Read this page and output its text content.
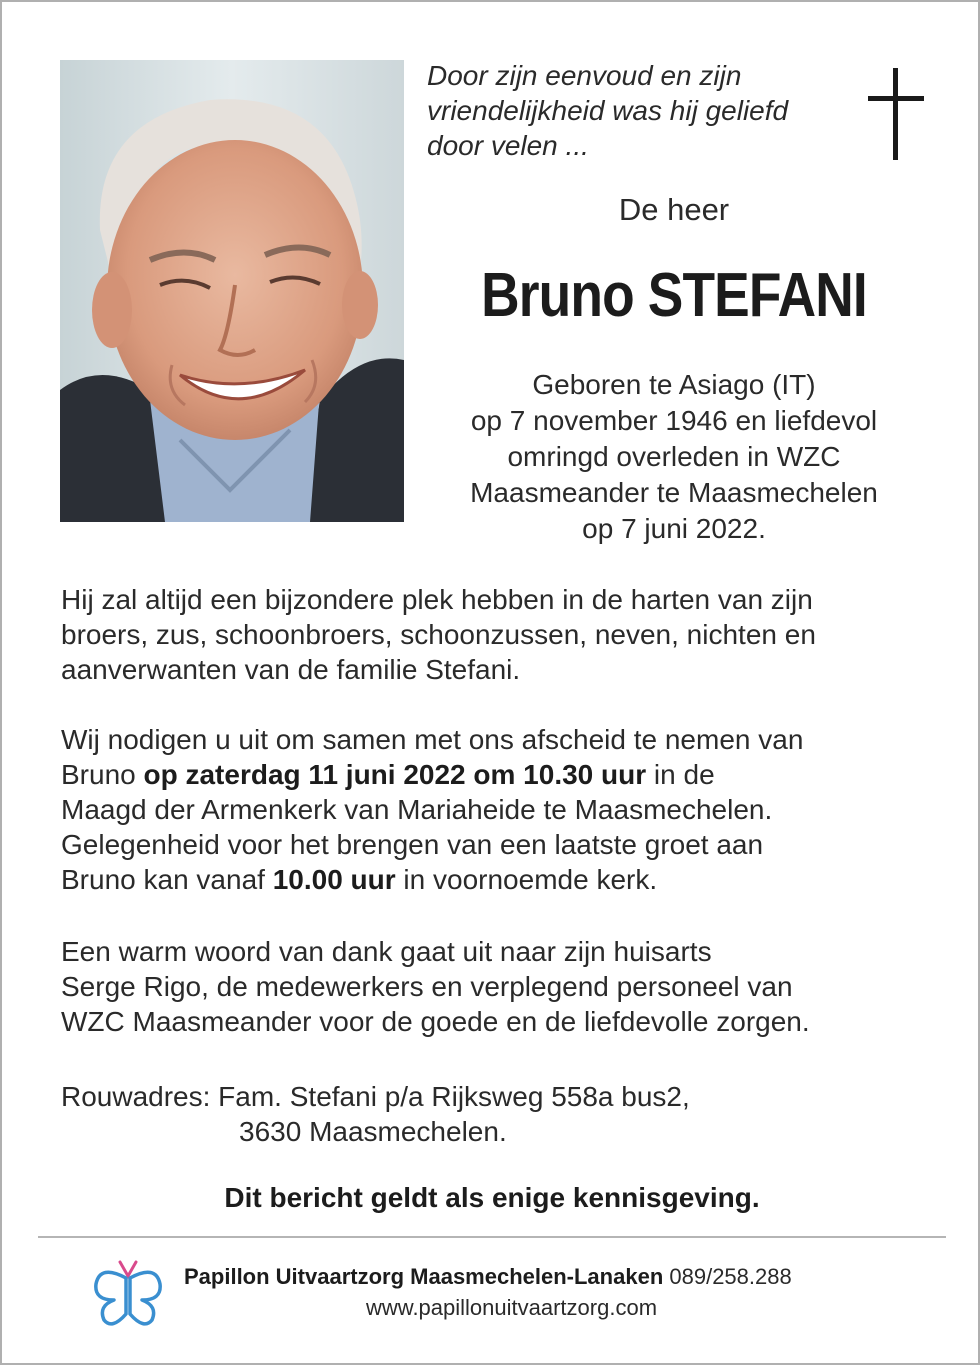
Door zijn eenvoud en zijn
vriendelijkheid was hij geliefd
door velen ...
De heer
Bruno STEFANI
Geboren te Asiago (IT)
op 7 november 1946 en liefdevol
omringd overleden in WZC
Maasmeander te Maasmechelen
op 7 juni 2022.
Hij zal altijd een bijzondere plek hebben in de harten van zijn
broers, zus, schoonbroers, schoonzussen, neven, nichten en
aanverwanten van de familie Stefani.
Wij nodigen u uit om samen met ons afscheid te nemen van
Bruno op zaterdag 11 juni 2022 om 10.30 uur in de
Maagd der Armenkerk van Mariaheide te Maasmechelen.
Gelegenheid voor het brengen van een laatste groet aan
Bruno kan vanaf 10.00 uur in voornoemde kerk.
Een warm woord van dank gaat uit naar zijn huisarts
Serge Rigo, de medewerkers en verplegend personeel van
WZC Maasmeander voor de goede en de liefdevolle zorgen.
Rouwadres: Fam. Stefani p/a Rijksweg 558a bus2,
3630 Maasmechelen.
Dit bericht geldt als enige kennisgeving.
Papillon Uitvaartzorg Maasmechelen-Lanaken 089/258.288
www.papillonuitvaartzorg.com
